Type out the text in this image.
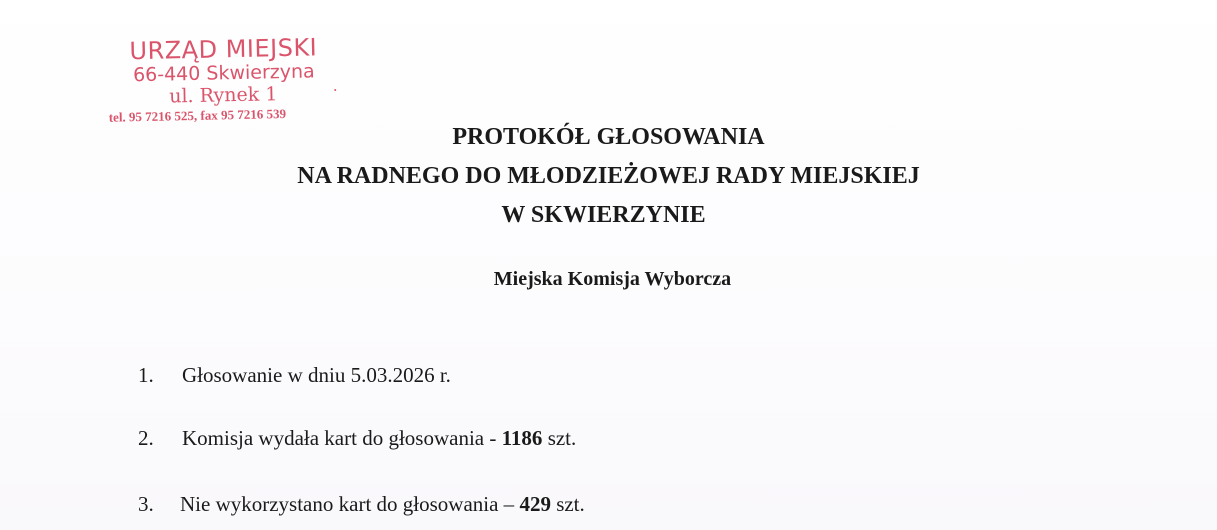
URZĄD MIEJSKI
66-440 Skwierzyna
ul. Rynek 1
tel. 95 7216 525, fax 95 7216 539
PROTOKÓŁ GŁOSOWANIA
NA RADNEGO DO MŁODZIEŻOWEJ RADY MIEJSKIEJ
W SKWIERZYNIE
Miejska Komisja Wyborcza
1. Głosowanie w dniu 5.03.2026 r.
2. Komisja wydała kart do głosowania - 1186 szt.
3. Nie wykorzystano kart do głosowania – 429 szt.
